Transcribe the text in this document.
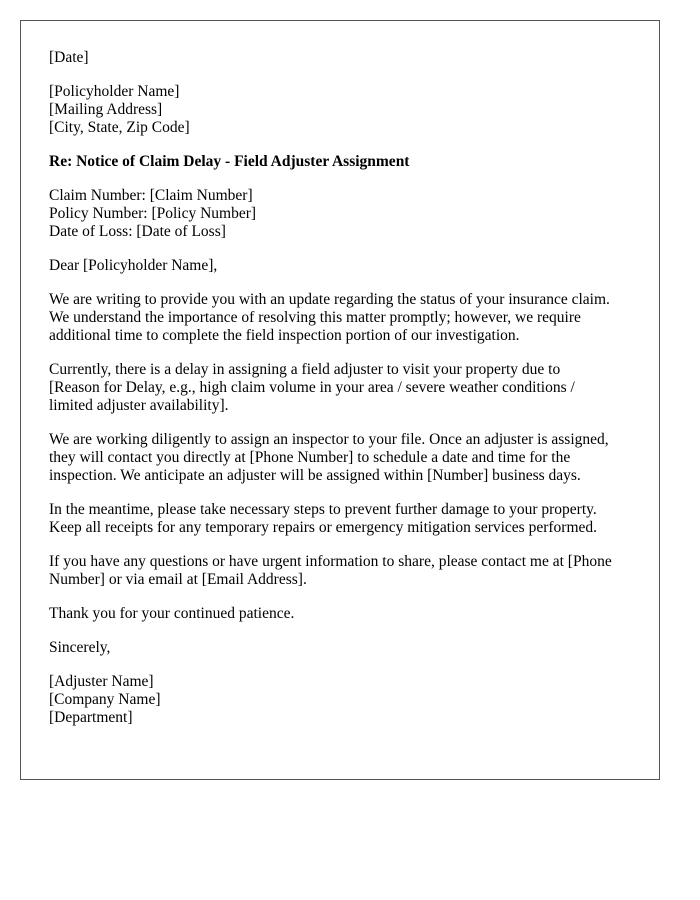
[Date]
[Policyholder Name]
[Mailing Address]
[City, State, Zip Code]
Re: Notice of Claim Delay - Field Adjuster Assignment
Claim Number: [Claim Number]
Policy Number: [Policy Number]
Date of Loss: [Date of Loss]
Dear [Policyholder Name],
We are writing to provide you with an update regarding the status of your insurance claim.
We understand the importance of resolving this matter promptly; however, we require
additional time to complete the field inspection portion of our investigation.
Currently, there is a delay in assigning a field adjuster to visit your property due to
[Reason for Delay, e.g., high claim volume in your area / severe weather conditions /
limited adjuster availability].
We are working diligently to assign an inspector to your file. Once an adjuster is assigned,
they will contact you directly at [Phone Number] to schedule a date and time for the
inspection. We anticipate an adjuster will be assigned within [Number] business days.
In the meantime, please take necessary steps to prevent further damage to your property.
Keep all receipts for any temporary repairs or emergency mitigation services performed.
If you have any questions or have urgent information to share, please contact me at [Phone
Number] or via email at [Email Address].
Thank you for your continued patience.
Sincerely,
[Adjuster Name]
[Company Name]
[Department]
